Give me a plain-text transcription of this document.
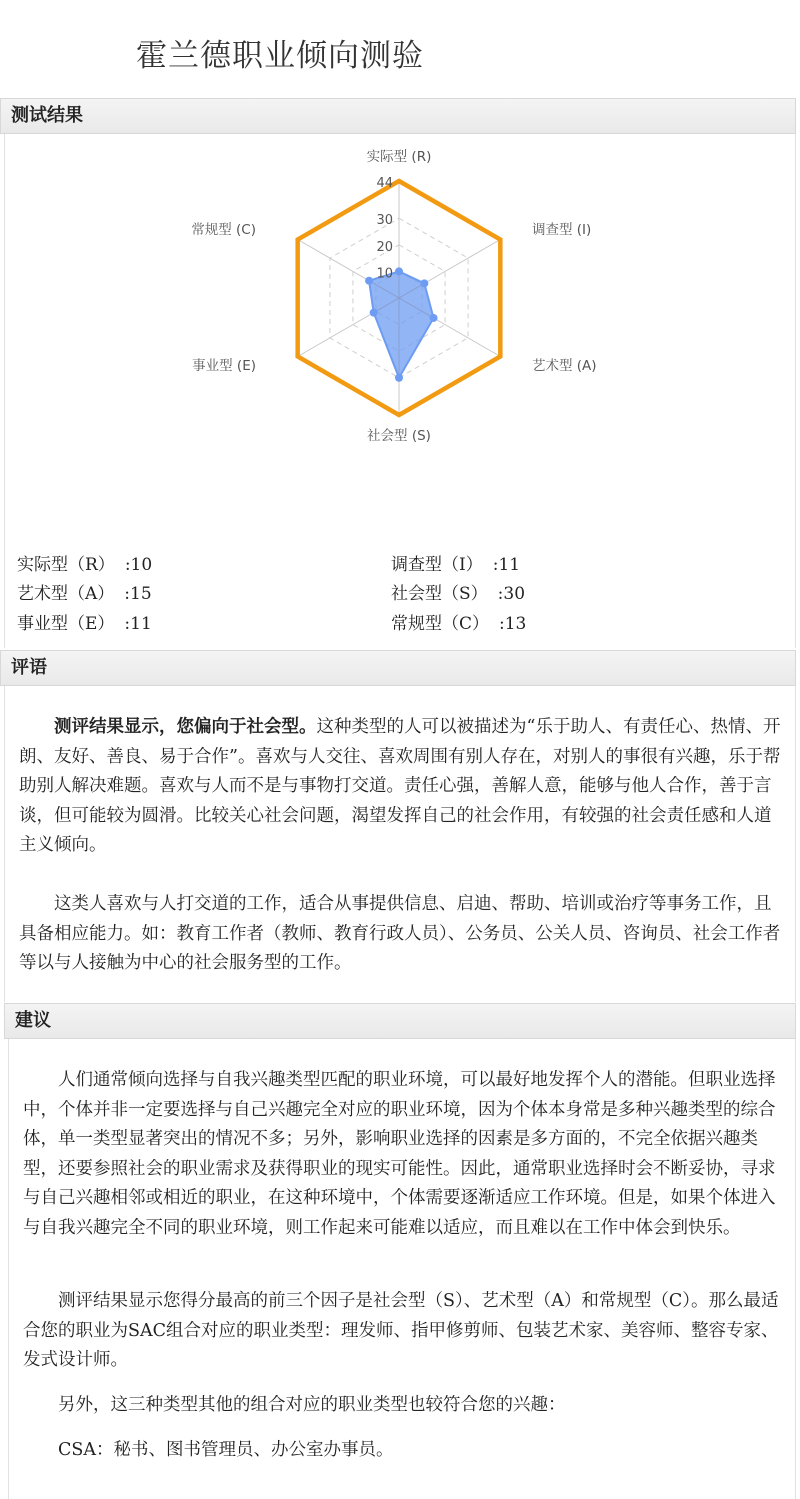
霍兰德职业倾向测验
测试结果
10
20
30
44
实际型 (R)
调查型 (I)
艺术型 (A)
社会型 (S)
事业型 (E)
常规型 (C)
实际型（R） :10	调查型（I） :11
艺术型（A） :15	社会型（S） :30
事业型（E） :11	常规型（C） :13
评语

测评结果显示，您偏向于社会型。这种类型的人可以被描述为“乐于助人、有责任心、热情、开朗、友好、善良、易于合作”。喜欢与人交往、喜欢周围有别人存在，对别人的事很有兴趣，乐于帮助别人解决难题。喜欢与人而不是与事物打交道。责任心强，善解人意，能够与他人合作，善于言谈，但可能较为圆滑。比较关心社会问题，渴望发挥自己的社会作用，有较强的社会责任感和人道主义倾向。

这类人喜欢与人打交道的工作，适合从事提供信息、启迪、帮助、培训或治疗等事务工作，且具备相应能力。如：教育工作者（教师、教育行政人员）、公务员、公关人员、咨询员、社会工作者等以与人接触为中心的社会服务型的工作。

建议

人们通常倾向选择与自我兴趣类型匹配的职业环境，可以最好地发挥个人的潜能。但职业选择中，个体并非一定要选择与自己兴趣完全对应的职业环境，因为个体本身常是多种兴趣类型的综合体，单一类型显著突出的情况不多；另外，影响职业选择的因素是多方面的，不完全依据兴趣类型，还要参照社会的职业需求及获得职业的现实可能性。因此，通常职业选择时会不断妥协，寻求与自己兴趣相邻或相近的职业，在这种环境中，个体需要逐渐适应工作环境。但是，如果个体进入与自我兴趣完全不同的职业环境，则工作起来可能难以适应，而且难以在工作中体会到快乐。

测评结果显示您得分最高的前三个因子是社会型（S）、艺术型（A）和常规型（C）。那么最适合您的职业为SAC组合对应的职业类型：理发师、指甲修剪师、包装艺术家、美容师、整容专家、发式设计师。

另外，这三种类型其他的组合对应的职业类型也较符合您的兴趣：

CSA：秘书、图书管理员、办公室办事员。
